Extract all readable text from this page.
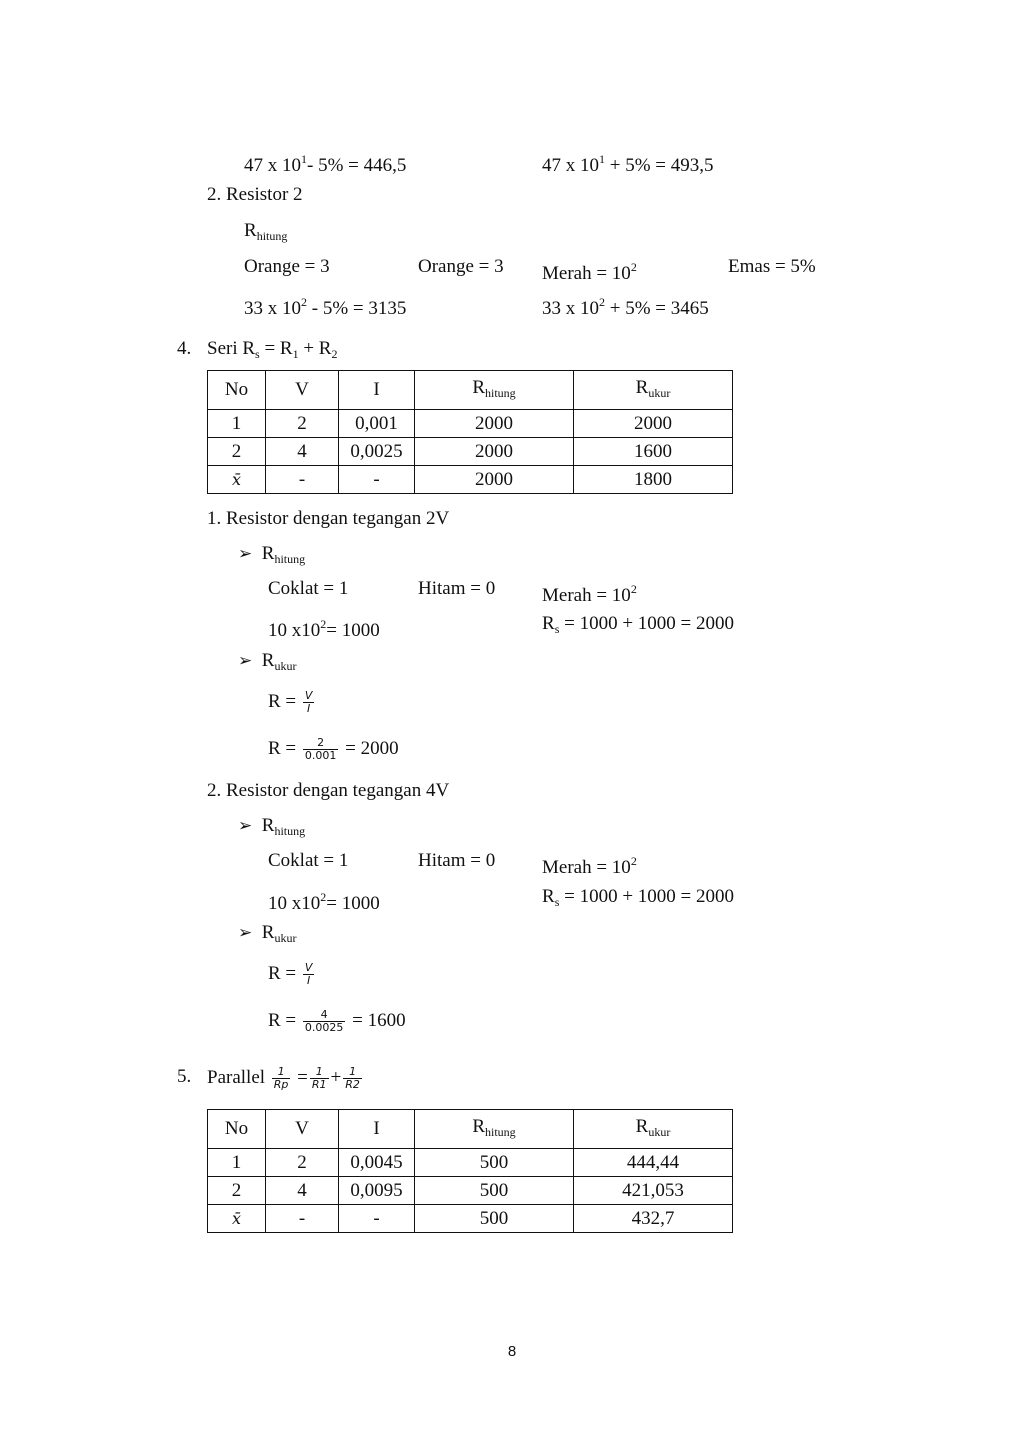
47 x $10^1-$ 5% = 446,5	47 x $10^1 + 5\% = 493,5$
2. Resistor 2
$R_{hitung}$
Orange = 3	Orange = 3 Merah = $10^2$	Emas = 5%
33 x $10^2 - 5\% = 3135$	33 x $10^2 + 5\% = 3465$
4. Seri $R_s = R_1 + R_2$
No	V	I	$R_{hitung}$	$R_{ukur}$
1	2	0,001	2000	2000
2	4	0,0025	2000	1600
x̄	-	-	2000	1800
1. Resistor dengan tegangan 2V
➢ $R_{hitung}$
Coklat = 1	Hitam = 0 Merah = $10^2$
10 $x10^2= 1000$	$R_s = 1000 + 1000 = 2000$
➢ $R_{ukur}$
$R = \frac{V}{I}$
$R = \frac{2}{0.001} = 2000$
2. Resistor dengan tegangan 4V
➢ $R_{hitung}$
Coklat = 1	Hitam = 0 Merah = $10^2$
10 $x10^2= 1000$	$R_s = 1000 + 1000 = 2000$
➢ $R_{ukur}$
$R = \frac{V}{I}$
$R = \frac{4}{0.0025} = 1600$
5. Parallel $\frac{1}{Rp} = \frac{1}{R1} + \frac{1}{R2}$
No	V	I	$R_{hitung}$	$R_{ukur}$
1	2	0,0045	500	444,44
2	4	0,0095	500	421,053
x̄	-	-	500	432,7
8
